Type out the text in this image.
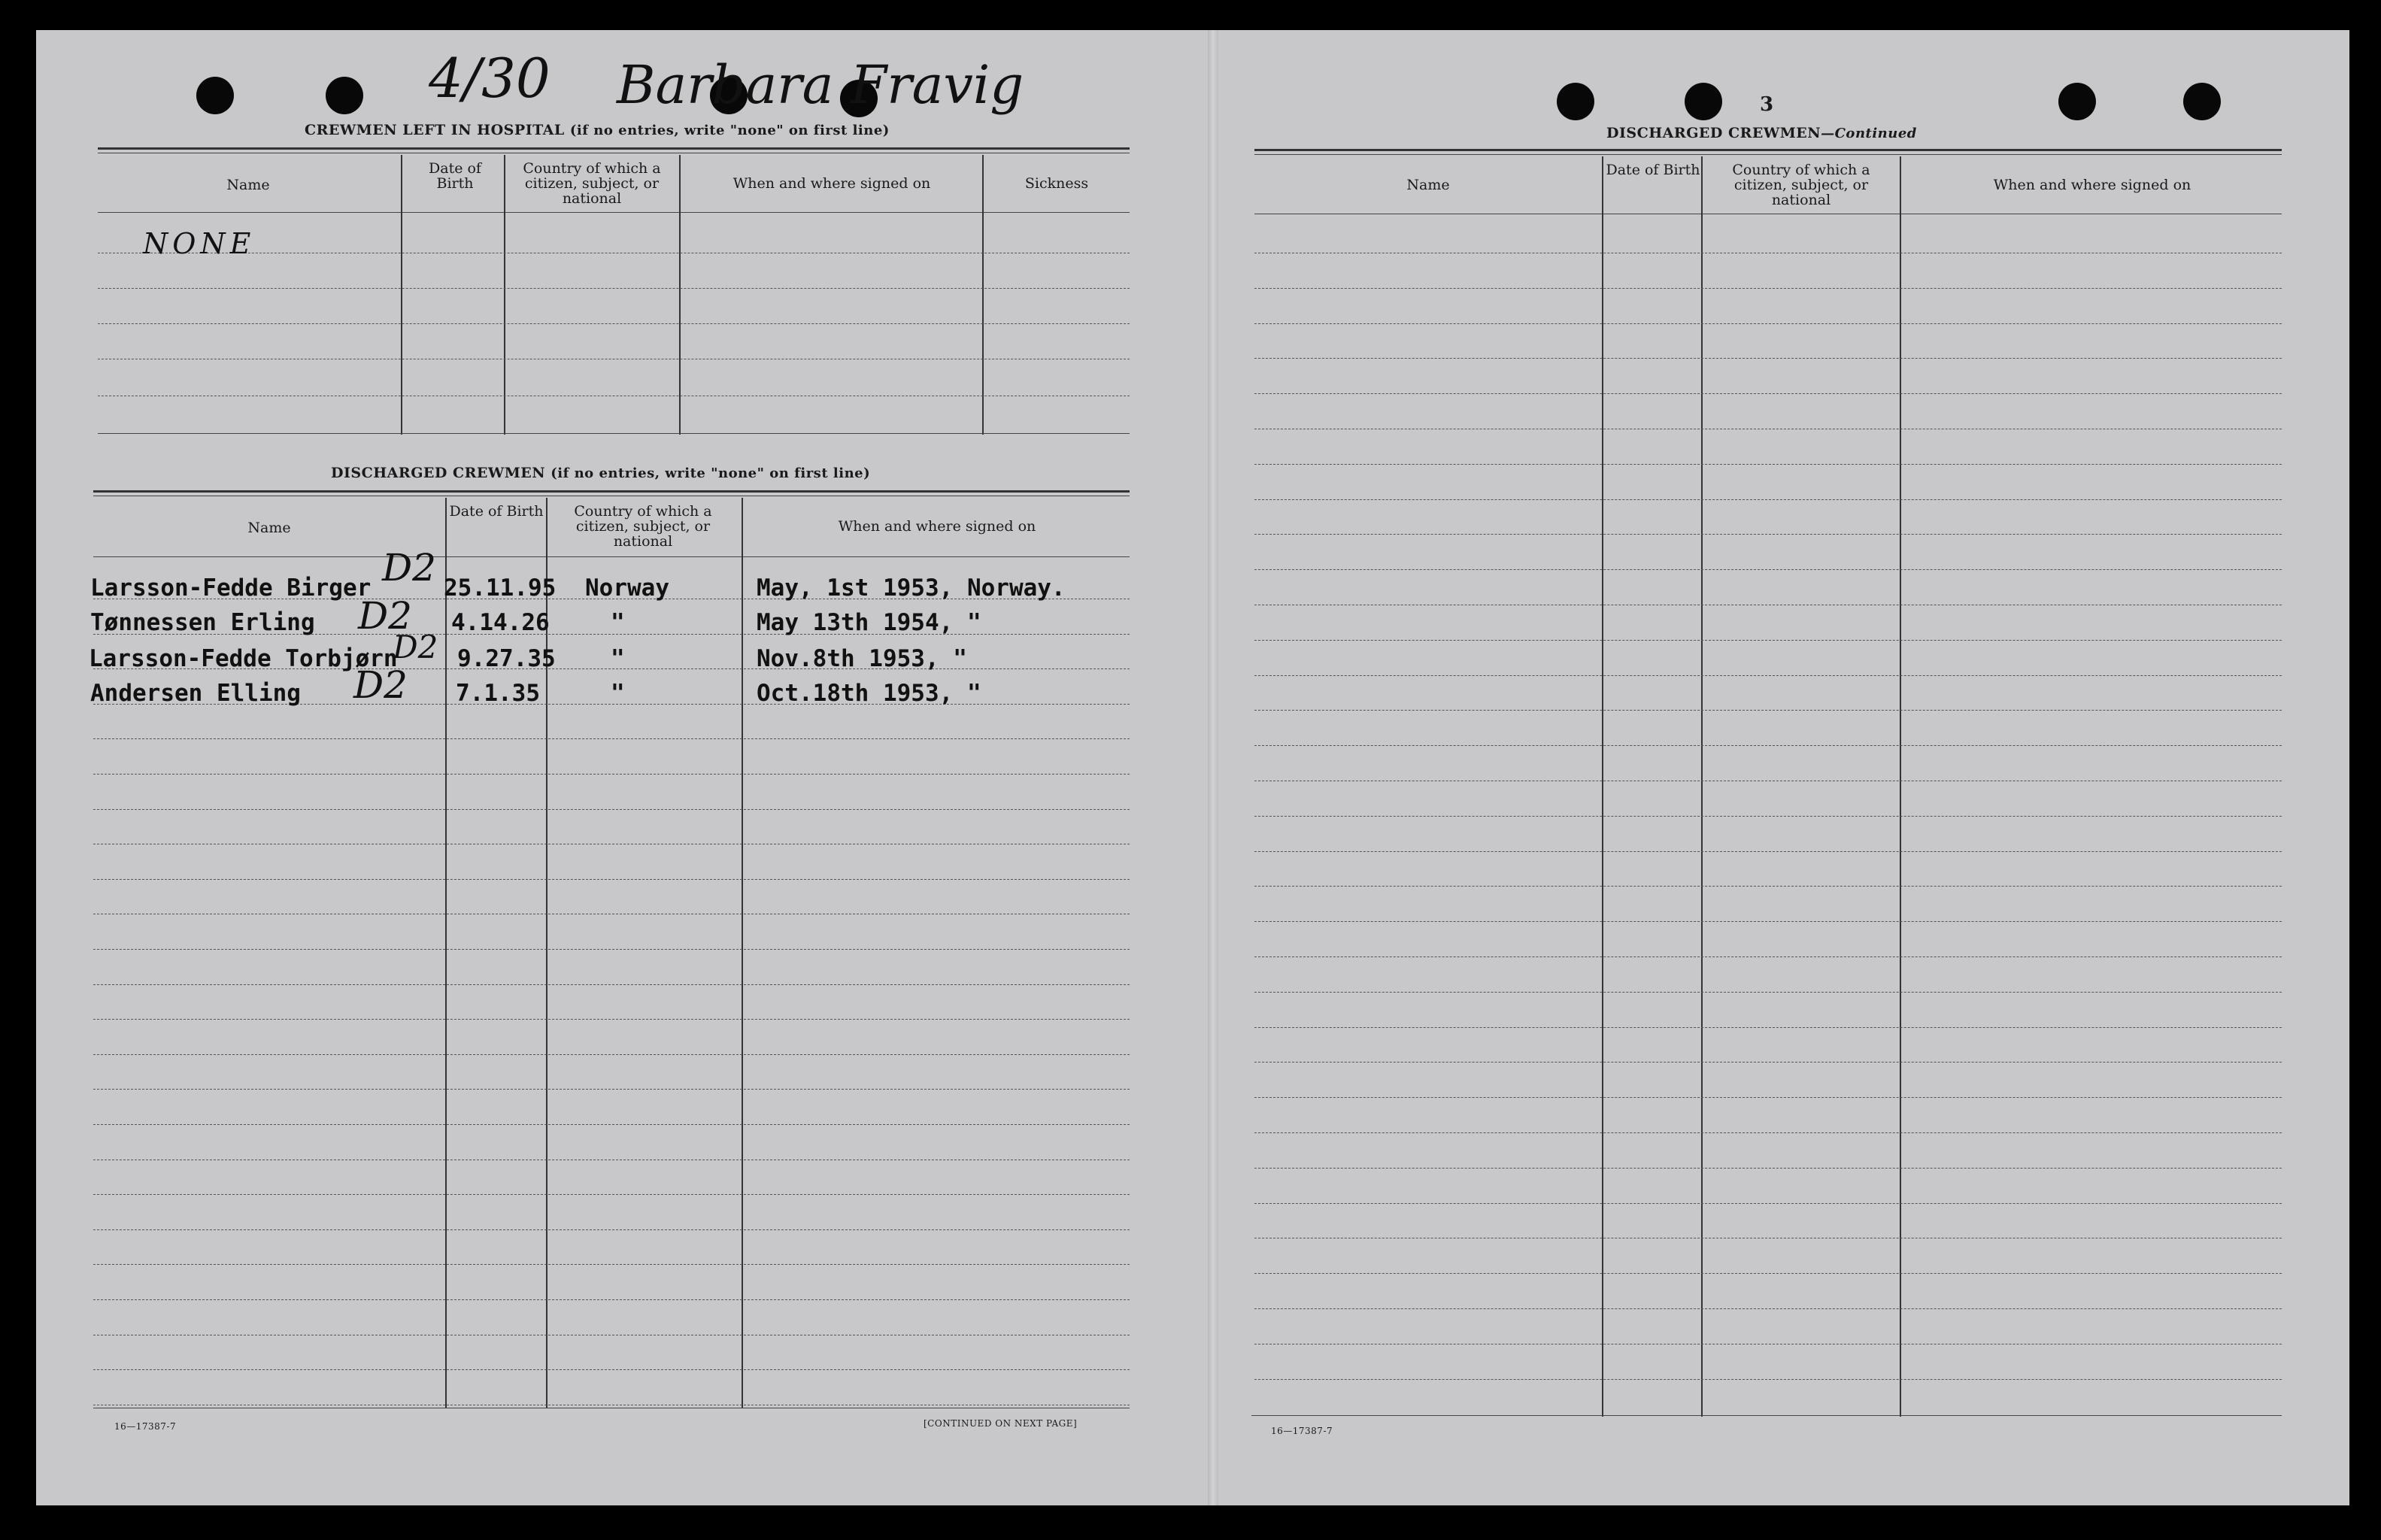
4/30 Barbara Fravig	3
CREWMEN LEFT IN HOSPITAL (if no entries, write "none" on first line)
Name
Date of Birth
Country of which a citizen, subject, or national
When and where signed on	Sickness
NONE
DISCHARGED CREWMEN (if no entries, write "none" on first line)
Name
Date of Birth	Country of which a citizen, subject, or national
When and where signed on
Larsson-Fedde Birger	25.11.95 Norway	May, 1st 1953, Norway.
D2
Tønnessen Erling	4.14.26	"	May 13th 1954, "
D2
Larsson-Fedde Torbjørn	9.27.35 "	Nov.8th 1953, "
D2
Andersen Elling	7.1.35	"	Oct.18th 1953, "
D2
16—17387-7	[CONTINUED ON NEXT PAGE]
DISCHARGED CREWMEN—Continued
Name
Date of Birth	Country of which a citizen, subject, or national
When and where signed on
16—17387-7
